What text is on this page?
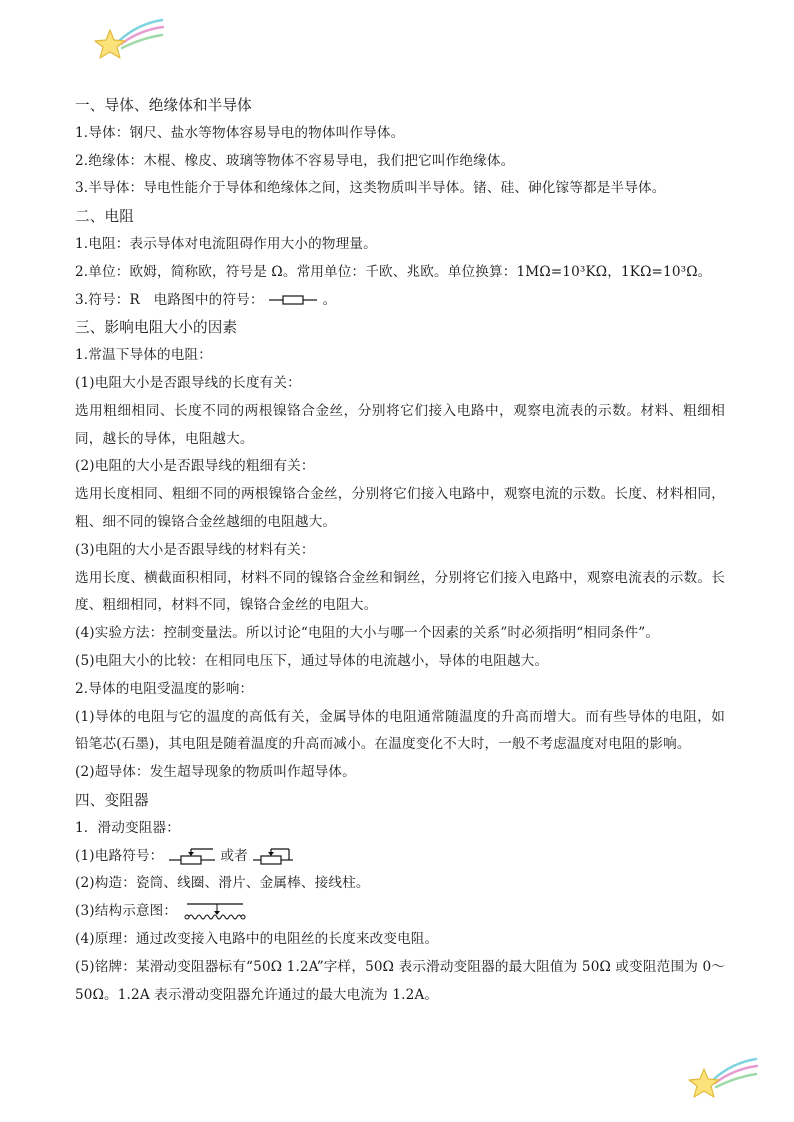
一、导体、绝缘体和半导体
1.导体：钢尺、盐水等物体容易导电的物体叫作导体。
2.绝缘体：木棍、橡皮、玻璃等物体不容易导电，我们把它叫作绝缘体。
3.半导体：导电性能介于导体和绝缘体之间，这类物质叫半导体。锗、硅、砷化镓等都是半导体。
二、电阻
1.电阻：表示导体对电流阻碍作用大小的物理量。
2.单位：欧姆，简称欧，符号是 Ω。常用单位：千欧、兆欧。单位换算：1MΩ=10³KΩ，1KΩ=10³Ω。
3.符号：R　电路图中的符号：	。
三、影响电阻大小的因素
1.常温下导体的电阻：
(1)电阻大小是否跟导线的长度有关：
选用粗细相同、长度不同的两根镍铬合金丝，分别将它们接入电路中，观察电流表的示数。材料、粗细相同，越长的导体，电阻越大。
(2)电阻的大小是否跟导线的粗细有关：
选用长度相同、粗细不同的两根镍铬合金丝，分别将它们接入电路中，观察电流的示数。长度、材料相同，粗、细不同的镍铬合金丝越细的电阻越大。
(3)电阻的大小是否跟导线的材料有关：
选用长度、横截面积相同，材料不同的镍铬合金丝和铜丝，分别将它们接入电路中，观察电流表的示数。长度、粗细相同，材料不同，镍铬合金丝的电阻大。
(4)实验方法：控制变量法。所以讨论“电阻的大小与哪一个因素的关系”时必须指明“相同条件”。
(5)电阻大小的比较：在相同电压下，通过导体的电流越小，导体的电阻越大。
2.导体的电阻受温度的影响：
(1)导体的电阻与它的温度的高低有关，金属导体的电阻通常随温度的升高而增大。而有些导体的电阻，如铅笔芯(石墨)，其电阻是随着温度的升高而减小。在温度变化不大时，一般不考虑温度对电阻的影响。
(2)超导体：发生超导现象的物质叫作超导体。
四、变阻器
1．滑动变阻器：
(1)电路符号：	或者
(2)构造：瓷筒、线圈、滑片、金属棒、接线柱。
(3)结构示意图：
(4)原理：通过改变接入电路中的电阻丝的长度来改变电阻。
(5)铭牌：某滑动变阻器标有“50Ω 1.2A”字样，50Ω 表示滑动变阻器的最大阻值为 50Ω 或变阻范围为 0～50Ω。1.2A 表示滑动变阻器允许通过的最大电流为 1.2A。
